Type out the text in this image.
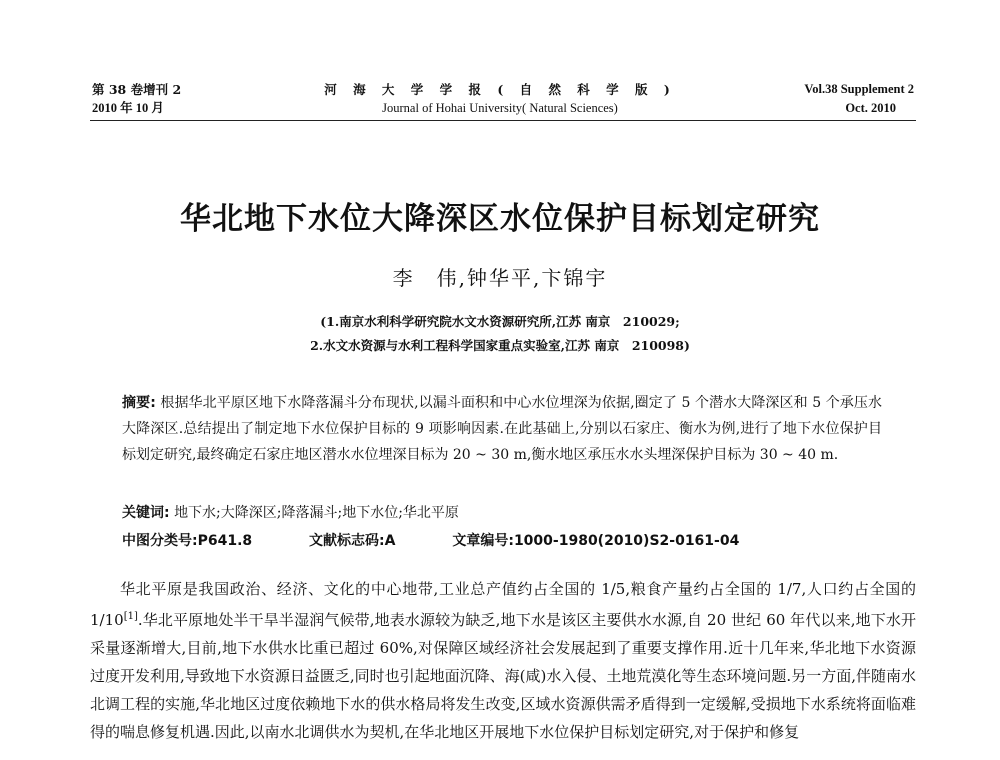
第 38 卷增刊 2
2010 年 10 月
河 海 大 学 学 报 ( 自 然 科 学 版 )
Journal of Hohai University( Natural Sciences)
Vol.38 Supplement 2
Oct. 2010
华北地下水位大降深区水位保护目标划定研究
李　伟,钟华平,卞锦宇
(1.南京水利科学研究院水文水资源研究所,江苏 南京　210029;
2.水文水资源与水利工程科学国家重点实验室,江苏 南京　210098)
摘要: 根据华北平原区地下水降落漏斗分布现状,以漏斗面积和中心水位埋深为依据,圈定了 5 个潜水大降深区和 5 个承压水大降深区.总结提出了制定地下水位保护目标的 9 项影响因素.在此基础上,分别以石家庄、衡水为例,进行了地下水位保护目标划定研究,最终确定石家庄地区潜水水位埋深目标为 20 ~ 30 m,衡水地区承压水水头埋深保护目标为 30 ~ 40 m.
关键词: 地下水;大降深区;降落漏斗;地下水位;华北平原
中图分类号:P641.8	文献标志码:A	文章编号:1000-1980(2010)S2-0161-04

华北平原是我国政治、经济、文化的中心地带,工业总产值约占全国的 1/5,粮食产量约占全国的 1/7,人口约占全国的 1/10[1].华北平原地处半干旱半湿润气候带,地表水源较为缺乏,地下水是该区主要供水水源,自 20 世纪 60 年代以来,地下水开采量逐渐增大,目前,地下水供水比重已超过 60%,对保障区域经济社会发展起到了重要支撑作用.近十几年来,华北地下水资源过度开发利用,导致地下水资源日益匮乏,同时也引起地面沉降、海(咸)水入侵、土地荒漠化等生态环境问题.另一方面,伴随南水北调工程的实施,华北地区过度依赖地下水的供水格局将发生改变,区域水资源供需矛盾得到一定缓解,受损地下水系统将面临难得的喘息修复机遇.因此,以南水北调供水为契机,在华北地区开展地下水位保护目标划定研究,对于保护和修复
